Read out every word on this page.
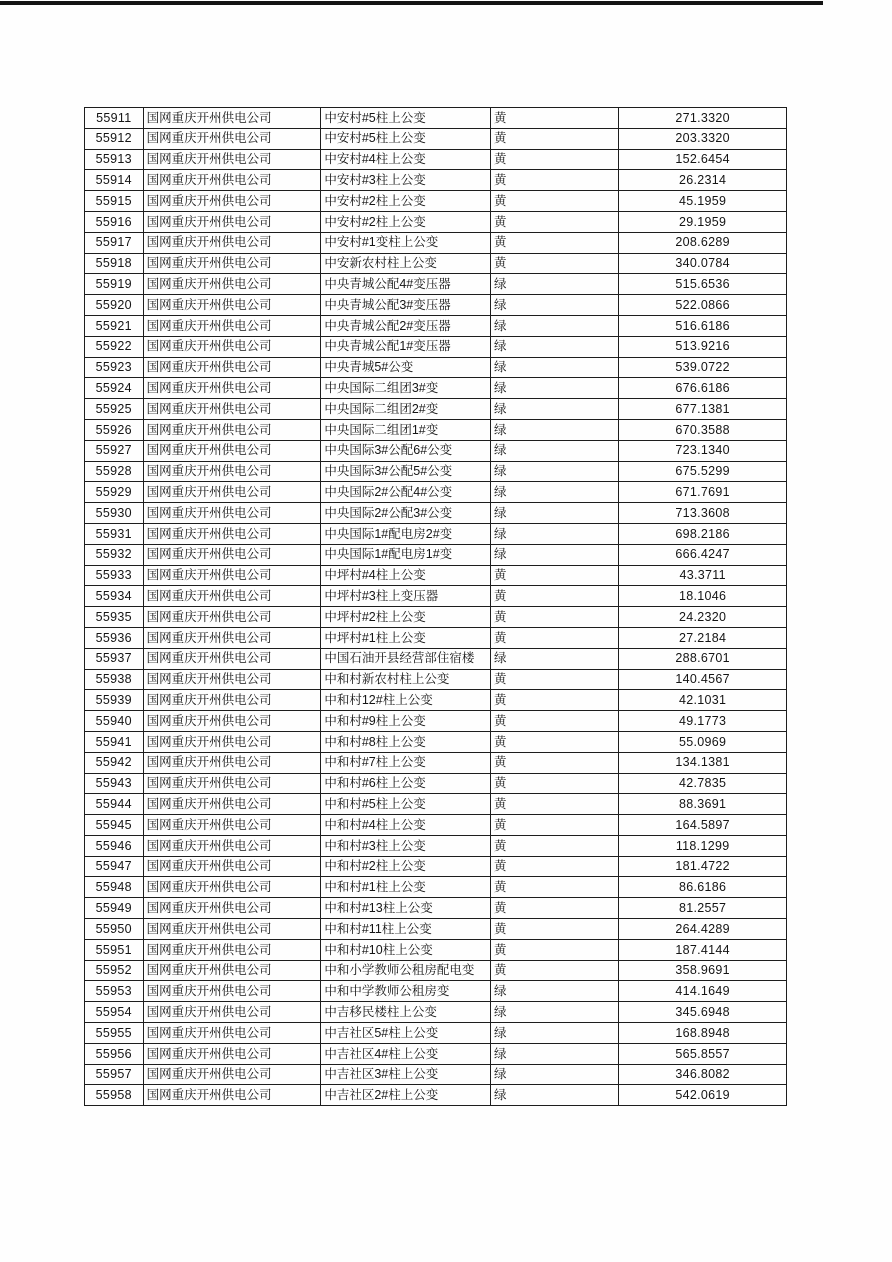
55911	国网重庆开州供电公司	中安村#5柱上公变	黄	271.3320
55912	国网重庆开州供电公司	中安村#5柱上公变	黄	203.3320
55913	国网重庆开州供电公司	中安村#4柱上公变	黄	152.6454
55914	国网重庆开州供电公司	中安村#3柱上公变	黄	26.2314
55915	国网重庆开州供电公司	中安村#2柱上公变	黄	45.1959
55916	国网重庆开州供电公司	中安村#2柱上公变	黄	29.1959
55917	国网重庆开州供电公司	中安村#1变柱上公变	黄	208.6289
55918	国网重庆开州供电公司	中安新农村柱上公变	黄	340.0784
55919	国网重庆开州供电公司	中央青城公配4#变压器	绿	515.6536
55920	国网重庆开州供电公司	中央青城公配3#变压器	绿	522.0866
55921	国网重庆开州供电公司	中央青城公配2#变压器	绿	516.6186
55922	国网重庆开州供电公司	中央青城公配1#变压器	绿	513.9216
55923	国网重庆开州供电公司	中央青城5#公变	绿	539.0722
55924	国网重庆开州供电公司	中央国际二组团3#变	绿	676.6186
55925	国网重庆开州供电公司	中央国际二组团2#变	绿	677.1381
55926	国网重庆开州供电公司	中央国际二组团1#变	绿	670.3588
55927	国网重庆开州供电公司	中央国际3#公配6#公变	绿	723.1340
55928	国网重庆开州供电公司	中央国际3#公配5#公变	绿	675.5299
55929	国网重庆开州供电公司	中央国际2#公配4#公变	绿	671.7691
55930	国网重庆开州供电公司	中央国际2#公配3#公变	绿	713.3608
55931	国网重庆开州供电公司	中央国际1#配电房2#变	绿	698.2186
55932	国网重庆开州供电公司	中央国际1#配电房1#变	绿	666.4247
55933	国网重庆开州供电公司	中坪村#4柱上公变	黄	43.3711
55934	国网重庆开州供电公司	中坪村#3柱上变压器	黄	18.1046
55935	国网重庆开州供电公司	中坪村#2柱上公变	黄	24.2320
55936	国网重庆开州供电公司	中坪村#1柱上公变	黄	27.2184
55937	国网重庆开州供电公司	中国石油开县经营部住宿楼	绿	288.6701
55938	国网重庆开州供电公司	中和村新农村柱上公变	黄	140.4567
55939	国网重庆开州供电公司	中和村12#柱上公变	黄	42.1031
55940	国网重庆开州供电公司	中和村#9柱上公变	黄	49.1773
55941	国网重庆开州供电公司	中和村#8柱上公变	黄	55.0969
55942	国网重庆开州供电公司	中和村#7柱上公变	黄	134.1381
55943	国网重庆开州供电公司	中和村#6柱上公变	黄	42.7835
55944	国网重庆开州供电公司	中和村#5柱上公变	黄	88.3691
55945	国网重庆开州供电公司	中和村#4柱上公变	黄	164.5897
55946	国网重庆开州供电公司	中和村#3柱上公变	黄	118.1299
55947	国网重庆开州供电公司	中和村#2柱上公变	黄	181.4722
55948	国网重庆开州供电公司	中和村#1柱上公变	黄	86.6186
55949	国网重庆开州供电公司	中和村#13柱上公变	黄	81.2557
55950	国网重庆开州供电公司	中和村#11柱上公变	黄	264.4289
55951	国网重庆开州供电公司	中和村#10柱上公变	黄	187.4144
55952	国网重庆开州供电公司	中和小学教师公租房配电变	黄	358.9691
55953	国网重庆开州供电公司	中和中学教师公租房变	绿	414.1649
55954	国网重庆开州供电公司	中吉移民楼柱上公变	绿	345.6948
55955	国网重庆开州供电公司	中吉社区5#柱上公变	绿	168.8948
55956	国网重庆开州供电公司	中吉社区4#柱上公变	绿	565.8557
55957	国网重庆开州供电公司	中吉社区3#柱上公变	绿	346.8082
55958	国网重庆开州供电公司	中吉社区2#柱上公变	绿	542.0619
